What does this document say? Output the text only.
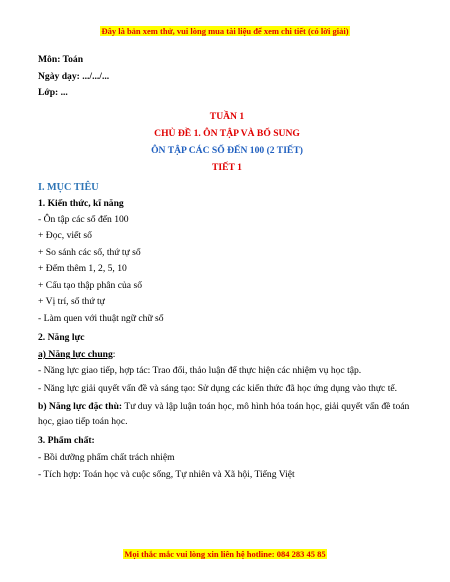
Đây là bản xem thử, vui lòng mua tài liệu để xem chi tiết (có lời giải)
Môn: Toán
Ngày dạy: .../.../...
Lớp: ...
TUẦN 1
CHỦ ĐỀ 1. ÔN TẬP VÀ BỔ SUNG
ÔN TẬP CÁC SỐ ĐẾN 100 (2 TIẾT)
TIẾT 1
I. MỤC TIÊU
1. Kiến thức, kĩ năng
- Ôn tập các số đến 100
+ Đọc, viết số
+ So sánh các số, thứ tự số
+ Đếm thêm 1, 2, 5, 10
+ Cấu tạo thập phân của số
+ Vị trí, số thứ tự
- Làm quen với thuật ngữ chữ số
2. Năng lực
a) Năng lực chung:
- Năng lực giao tiếp, hợp tác: Trao đổi, thảo luận để thực hiện các nhiệm vụ học tập.
- Năng lực giải quyết vấn đề và sáng tạo: Sử dụng các kiến thức đã học ứng dụng vào thực tế.
b) Năng lực đặc thù: Tư duy và lập luận toán học, mô hình hóa toán học, giải quyết vấn đề toán học, giao tiếp toán học.
3. Phẩm chất:
- Bồi dưỡng phẩm chất trách nhiệm
- Tích hợp: Toán học và cuộc sống, Tự nhiên và Xã hội, Tiếng Việt
Mọi thắc mắc vui lòng xin liên hệ hotline: 084 283 45 85
